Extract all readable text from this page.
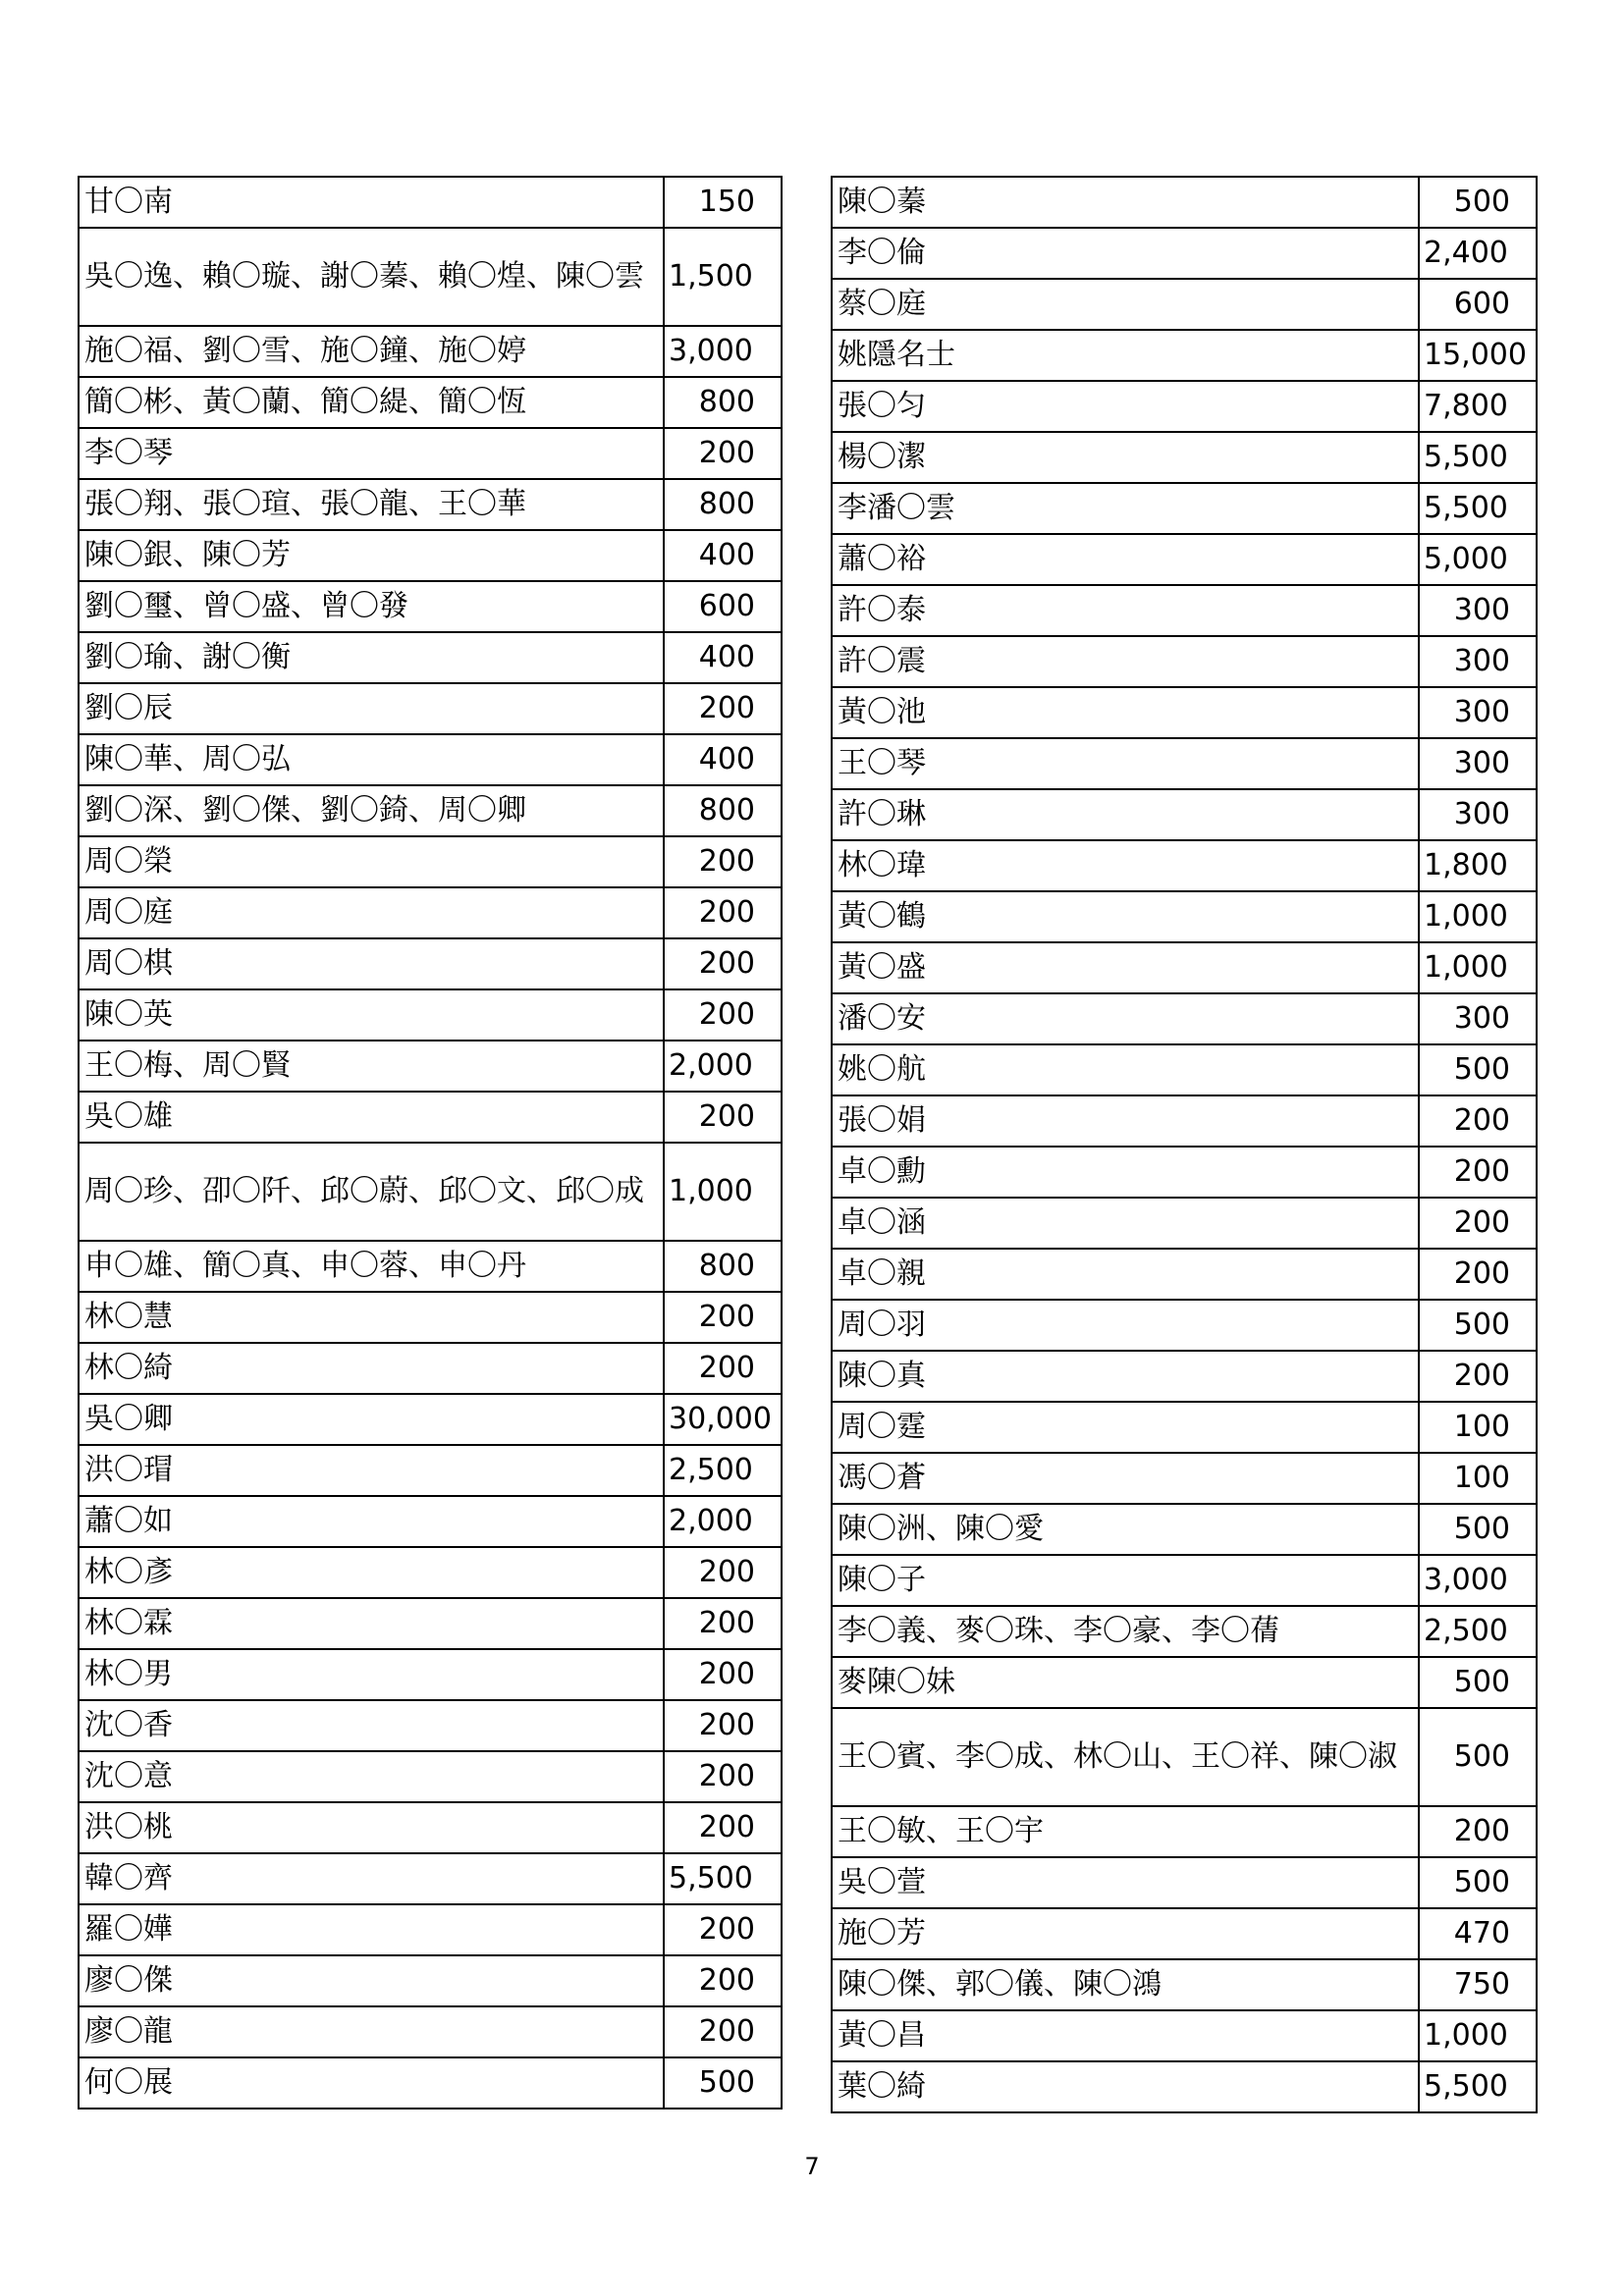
甘〇南	150
吳〇逸、賴〇璇、謝〇蓁、賴〇煌、陳〇雲	1,500
施〇福、劉〇雪、施〇鐘、施〇婷	3,000
簡〇彬、黃〇蘭、簡〇緹、簡〇恆	800
李〇琴	200
張〇翔、張〇瑄、張〇龍、王〇華	800
陳〇銀、陳〇芳	400
劉〇璽、曾〇盛、曾〇發	600
劉〇瑜、謝〇衡	400
劉〇辰	200
陳〇華、周〇弘	400
劉〇深、劉〇傑、劉〇錡、周〇卿	800
周〇榮	200
周〇庭	200
周〇棋	200
陳〇英	200
王〇梅、周〇賢	2,000
吳〇雄	200
周〇珍、卲〇阡、邱〇蔚、邱〇文、邱〇成	1,000
申〇雄、簡〇真、申〇蓉、申〇丹	800
林〇慧	200
林〇綺	200
吳〇卿	30,000
洪〇瑁	2,500
蕭〇如	2,000
林〇彥	200
林〇霖	200
林〇男	200
沈〇香	200
沈〇意	200
洪〇桃	200
韓〇齊	5,500
羅〇嬅	200
廖〇傑	200
廖〇龍	200
何〇展	500
陳〇蓁	500
李〇倫	2,400
蔡〇庭	600
姚隱名士	15,000
張〇匀	7,800
楊〇潔	5,500
李潘〇雲	5,500
蕭〇裕	5,000
許〇泰	300
許〇震	300
黃〇池	300
王〇琴	300
許〇琳	300
林〇瑋	1,800
黃〇鶴	1,000
黃〇盛	1,000
潘〇安	300
姚〇航	500
張〇娟	200
卓〇勳	200
卓〇涵	200
卓〇親	200
周〇羽	500
陳〇真	200
周〇霆	100
馮〇蒼	100
陳〇洲、陳〇愛	500
陳〇子	3,000
李〇義、麥〇珠、李〇豪、李〇蒨	2,500
麥陳〇妹	500
王〇賓、李〇成、林〇山、王〇祥、陳〇淑	500
王〇敏、王〇宇	200
吳〇萱	500
施〇芳	470
陳〇傑、郭〇儀、陳〇鴻	750
黃〇昌	1,000
葉〇綺	5,500
7
